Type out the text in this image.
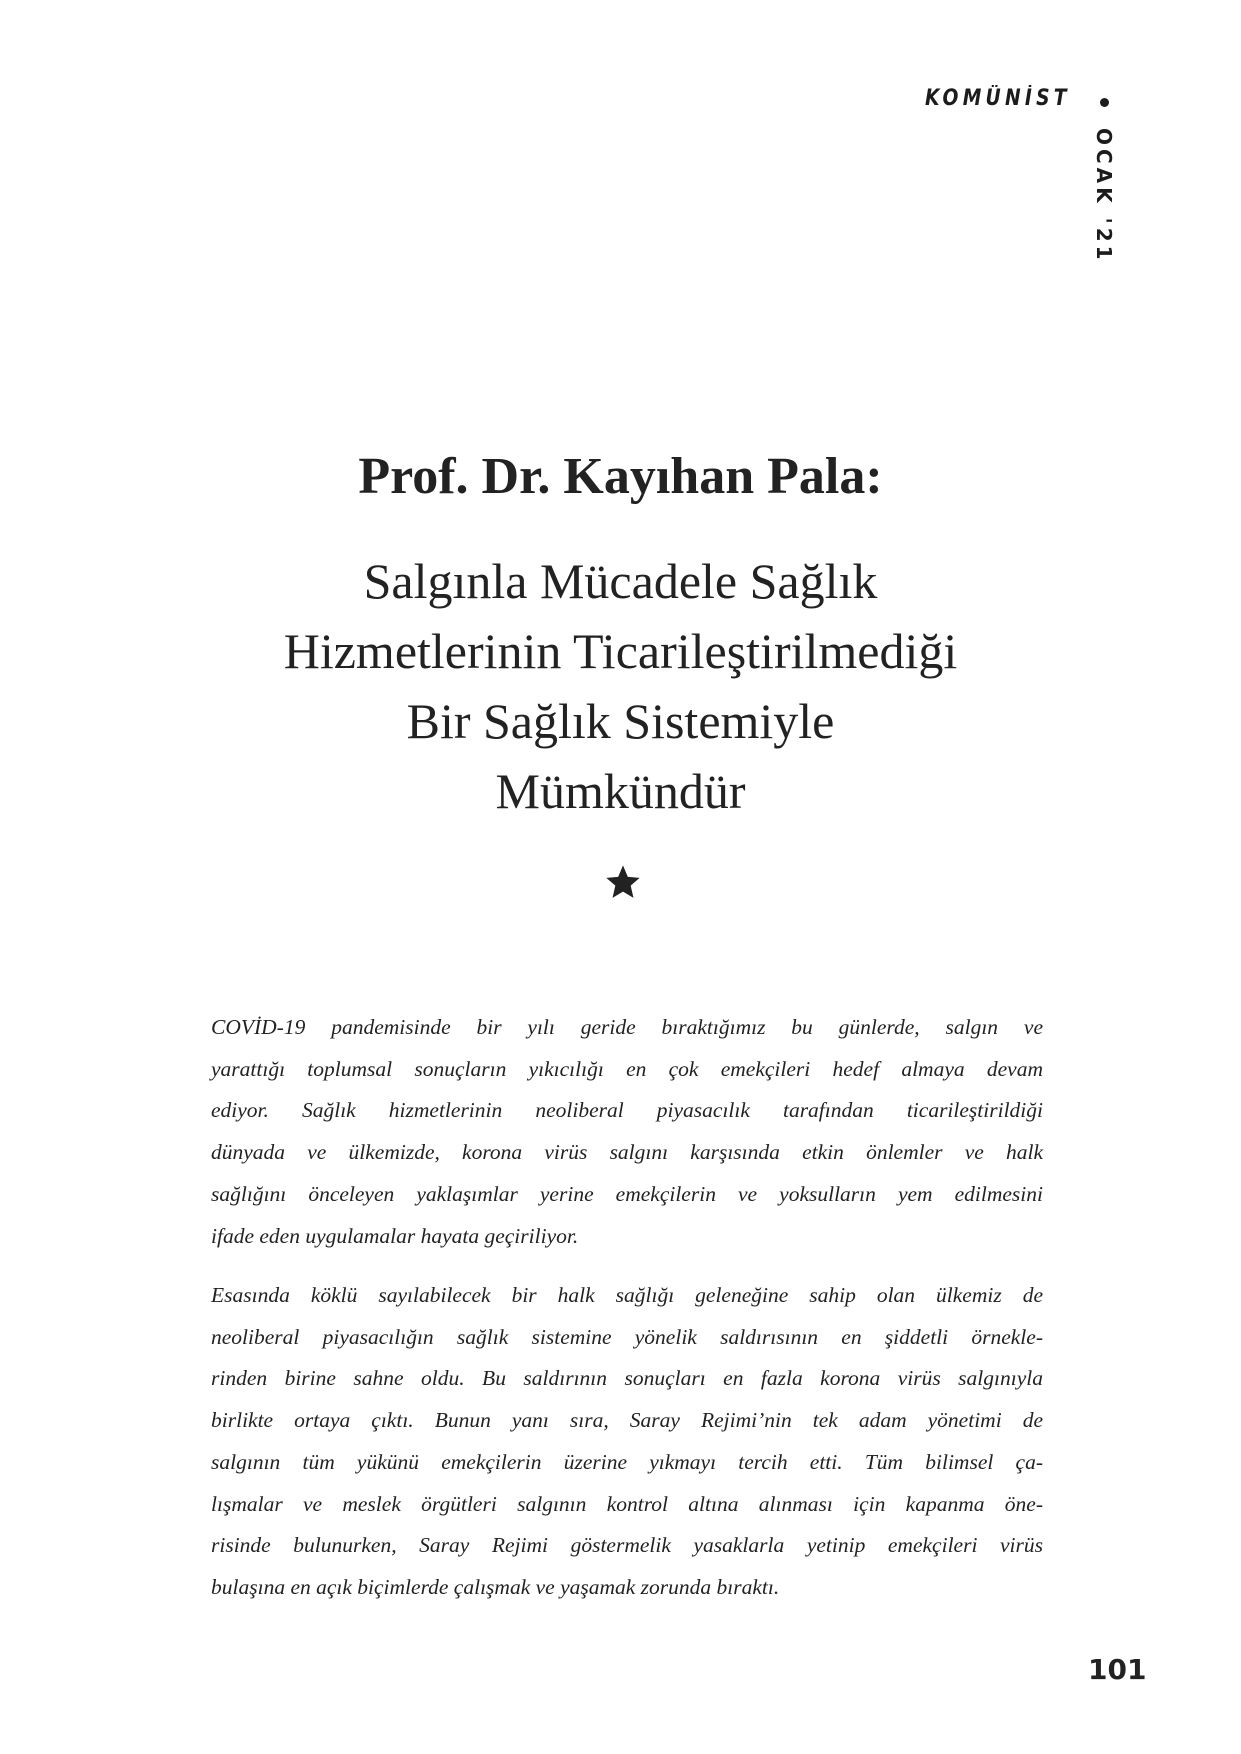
KOMÜNİST
OCAK '21
Prof. Dr. Kayıhan Pala:
Salgınla Mücadele Sağlık
Hizmetlerinin Ticarileştirilmediği
Bir Sağlık Sistemiyle
Mümkündür
COVİD-19 pandemisinde bir yılı geride bıraktığımız bu günlerde, salgın ve
yarattığı toplumsal sonuçların yıkıcılığı en çok emekçileri hedef almaya devam
ediyor. Sağlık hizmetlerinin neoliberal piyasacılık tarafından ticarileştirildiği
dünyada ve ülkemizde, korona virüs salgını karşısında etkin önlemler ve halk
sağlığını önceleyen yaklaşımlar yerine emekçilerin ve yoksulların yem edilmesini
ifade eden uygulamalar hayata geçiriliyor.
Esasında köklü sayılabilecek bir halk sağlığı geleneğine sahip olan ülkemiz de
neoliberal piyasacılığın sağlık sistemine yönelik saldırısının en şiddetli örnekle-
rinden birine sahne oldu. Bu saldırının sonuçları en fazla korona virüs salgınıyla
birlikte ortaya çıktı. Bunun yanı sıra, Saray Rejimi’nin tek adam yönetimi de
salgının tüm yükünü emekçilerin üzerine yıkmayı tercih etti. Tüm bilimsel ça-
lışmalar ve meslek örgütleri salgının kontrol altına alınması için kapanma öne-
risinde bulunurken, Saray Rejimi göstermelik yasaklarla yetinip emekçileri virüs
bulaşına en açık biçimlerde çalışmak ve yaşamak zorunda bıraktı.
101
